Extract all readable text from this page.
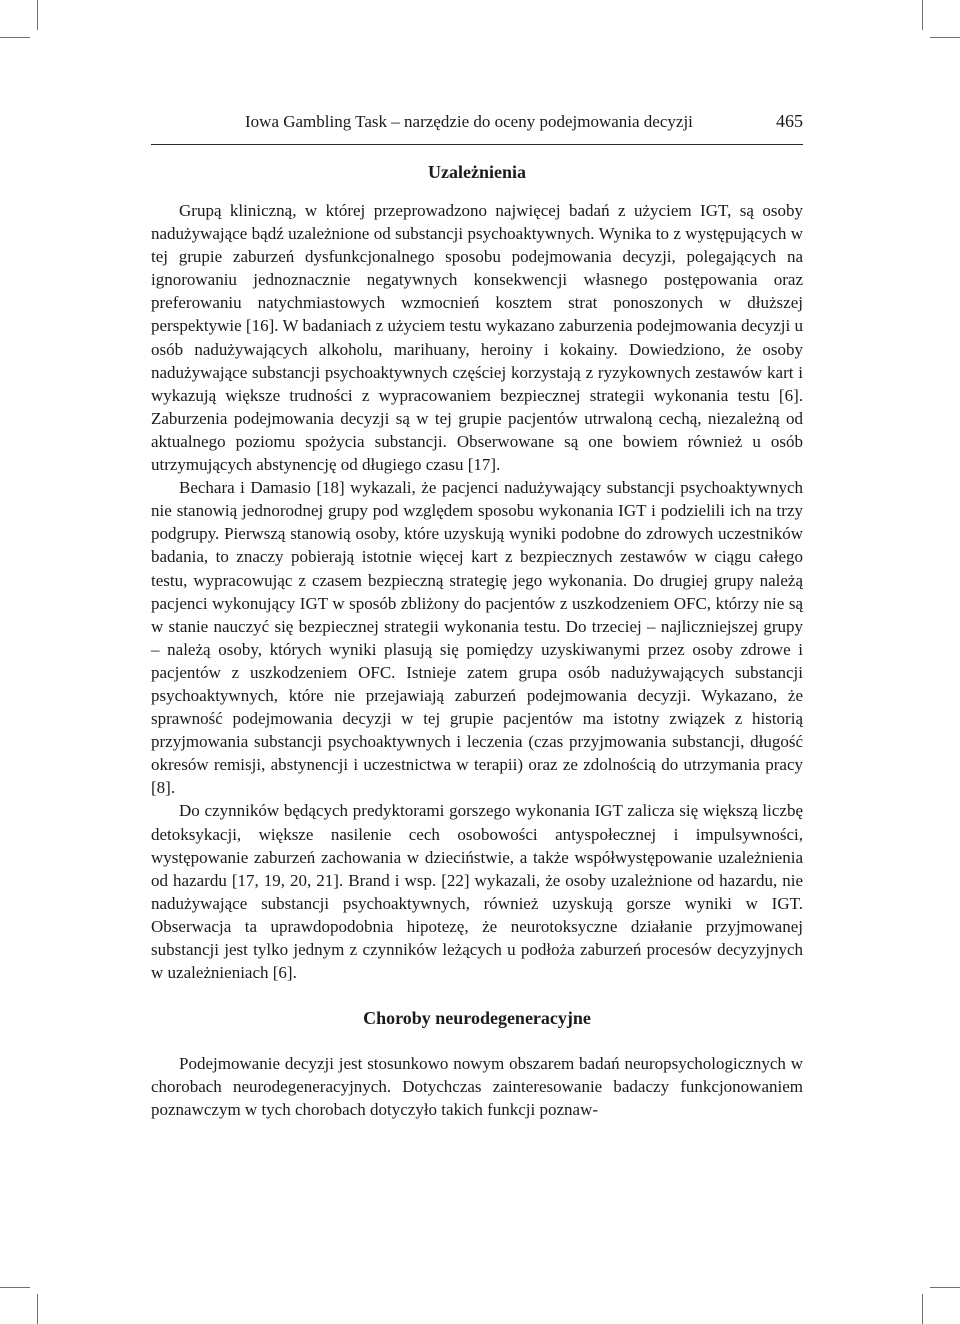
Iowa Gambling Task – narzędzie do oceny podejmowania decyzji	465
Uzależnienia

Grupą kliniczną, w której przeprowadzono najwięcej badań z użyciem IGT, są osoby nadużywające bądź uzależnione od substancji psychoaktywnych. Wynika to z występujących w tej grupie zaburzeń dysfunkcjonalnego sposobu podejmowania decyzji, polegających na ignorowaniu jednoznacznie negatywnych konsekwencji własnego postępowania oraz preferowaniu natychmiastowych wzmocnień kosztem strat ponoszonych w dłuższej perspektywie [16]. W badaniach z użyciem testu wykazano zaburzenia podejmowania decyzji u osób nadużywających alkoholu, marihuany, heroiny i kokainy. Dowiedziono, że osoby nadużywające substancji psychoaktywnych częściej korzystają z ryzykownych zestawów kart i wykazują większe trudności z wypracowaniem bezpiecznej strategii wykonania testu [6]. Zaburzenia podejmowania decyzji są w tej grupie pacjentów utrwaloną cechą, niezależną od aktualnego poziomu spożycia substancji. Obserwowane są one bowiem również u osób utrzymujących abstynencję od długiego czasu [17].

Bechara i Damasio [18] wykazali, że pacjenci nadużywający substancji psychoaktywnych nie stanowią jednorodnej grupy pod względem sposobu wykonania IGT i podzielili ich na trzy podgrupy. Pierwszą stanowią osoby, które uzyskują wyniki podobne do zdrowych uczestników badania, to znaczy pobierają istotnie więcej kart z bezpiecznych zestawów w ciągu całego testu, wypracowując z czasem bezpieczną strategię jego wykonania. Do drugiej grupy należą pacjenci wykonujący IGT w sposób zbliżony do pacjentów z uszkodzeniem OFC, którzy nie są w stanie nauczyć się bezpiecznej strategii wykonania testu. Do trzeciej – najliczniejszej grupy – należą osoby, których wyniki plasują się pomiędzy uzyskiwanymi przez osoby zdrowe i pacjentów z uszkodzeniem OFC. Istnieje zatem grupa osób nadużywających substancji psychoaktywnych, które nie przejawiają zaburzeń podejmowania decyzji. Wykazano, że sprawność podejmowania decyzji w tej grupie pacjentów ma istotny związek z historią przyjmowania substancji psychoaktywnych i leczenia (czas przyjmowania substancji, długość okresów remisji, abstynencji i uczestnictwa w terapii) oraz ze zdolnością do utrzymania pracy [8].

Do czynników będących predyktorami gorszego wykonania IGT zalicza się większą liczbę detoksykacji, większe nasilenie cech osobowości antyspołecznej i impulsywności, występowanie zaburzeń zachowania w dzieciństwie, a także współwystępowanie uzależnienia od hazardu [17, 19, 20, 21]. Brand i wsp. [22] wykazali, że osoby uzależnione od hazardu, nie nadużywające substancji psychoaktywnych, również uzyskują gorsze wyniki w IGT. Obserwacja ta uprawdopodobnia hipotezę, że neurotoksyczne działanie przyjmowanej substancji jest tylko jednym z czynników leżących u podłoża zaburzeń procesów decyzyjnych w uzależnieniach [6].

Choroby neurodegeneracyjne

Podejmowanie decyzji jest stosunkowo nowym obszarem badań neuropsychologicznych w chorobach neurodegeneracyjnych. Dotychczas zainteresowanie badaczy funkcjonowaniem poznawczym w tych chorobach dotyczyło takich funkcji poznaw-
